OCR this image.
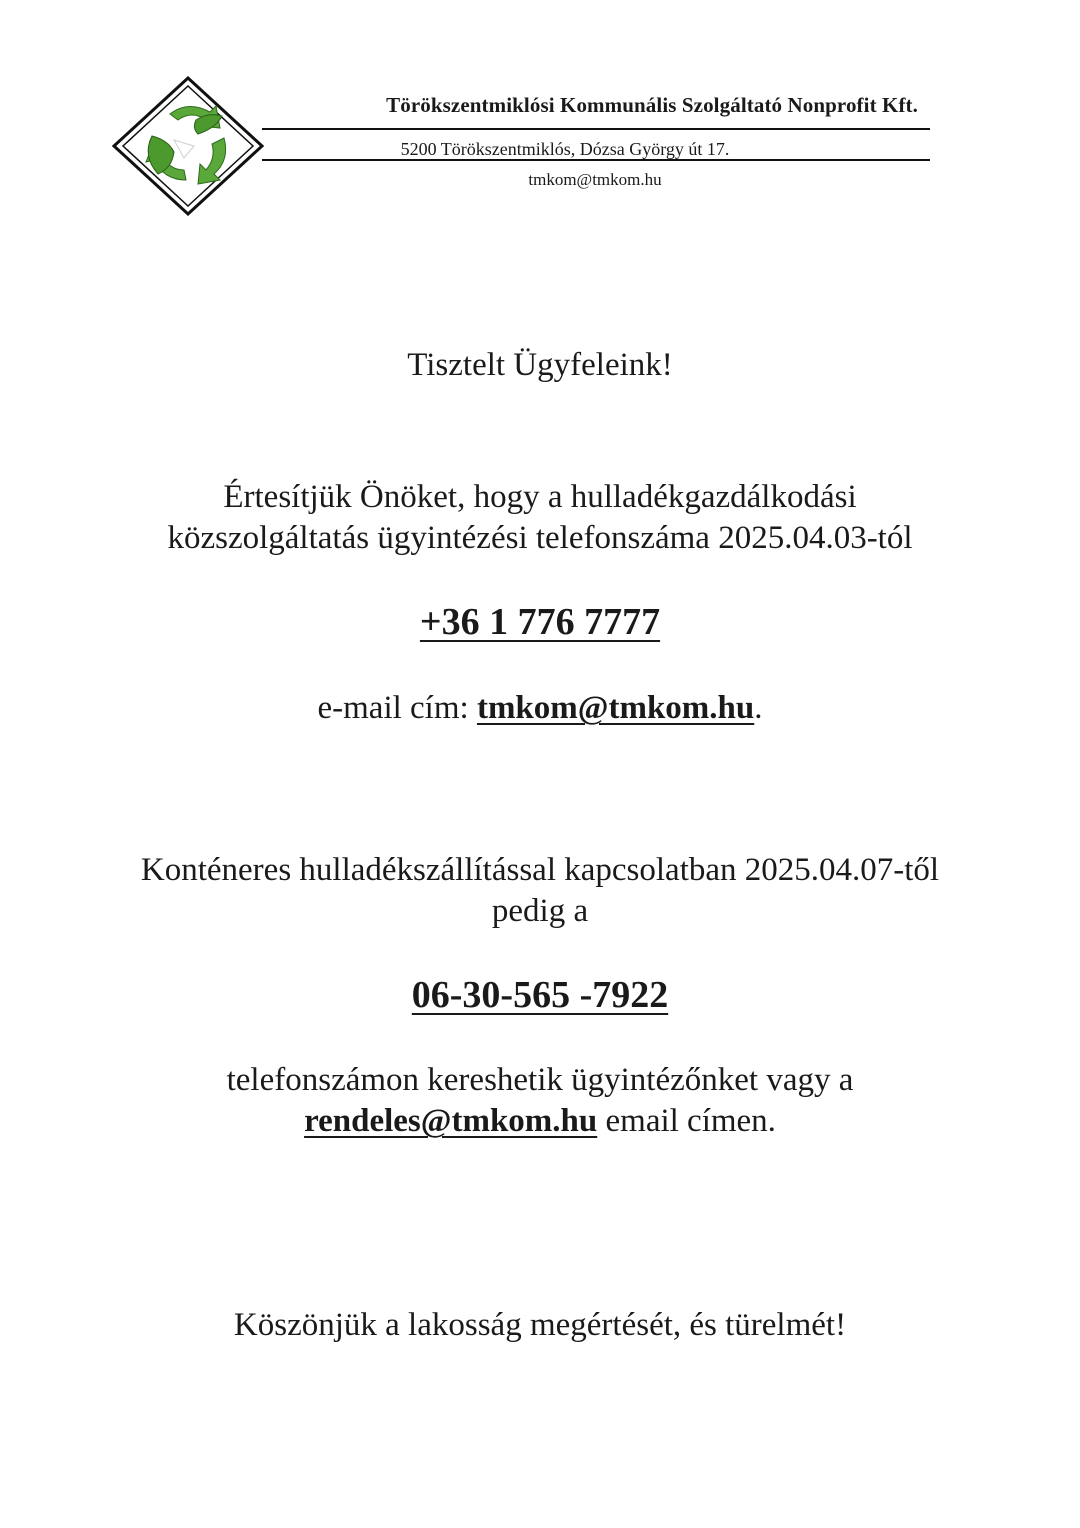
Törökszentmiklósi Kommunális Szolgáltató Nonprofit Kft.
5200 Törökszentmiklós, Dózsa György út 17.
tmkom@tmkom.hu
Tisztelt Ügyfeleink!
Értesítjük Önöket, hogy a hulladékgazdálkodási
közszolgáltatás ügyintézési telefonszáma 2025.04.03-tól
+36 1 776 7777
e-mail cím: tmkom@tmkom.hu.
Konténeres hulladékszállítással kapcsolatban 2025.04.07-től
pedig a
06-30-565 -7922
telefonszámon kereshetik ügyintézőnket vagy a
rendeles@tmkom.hu email címen.
Köszönjük a lakosság megértését, és türelmét!
